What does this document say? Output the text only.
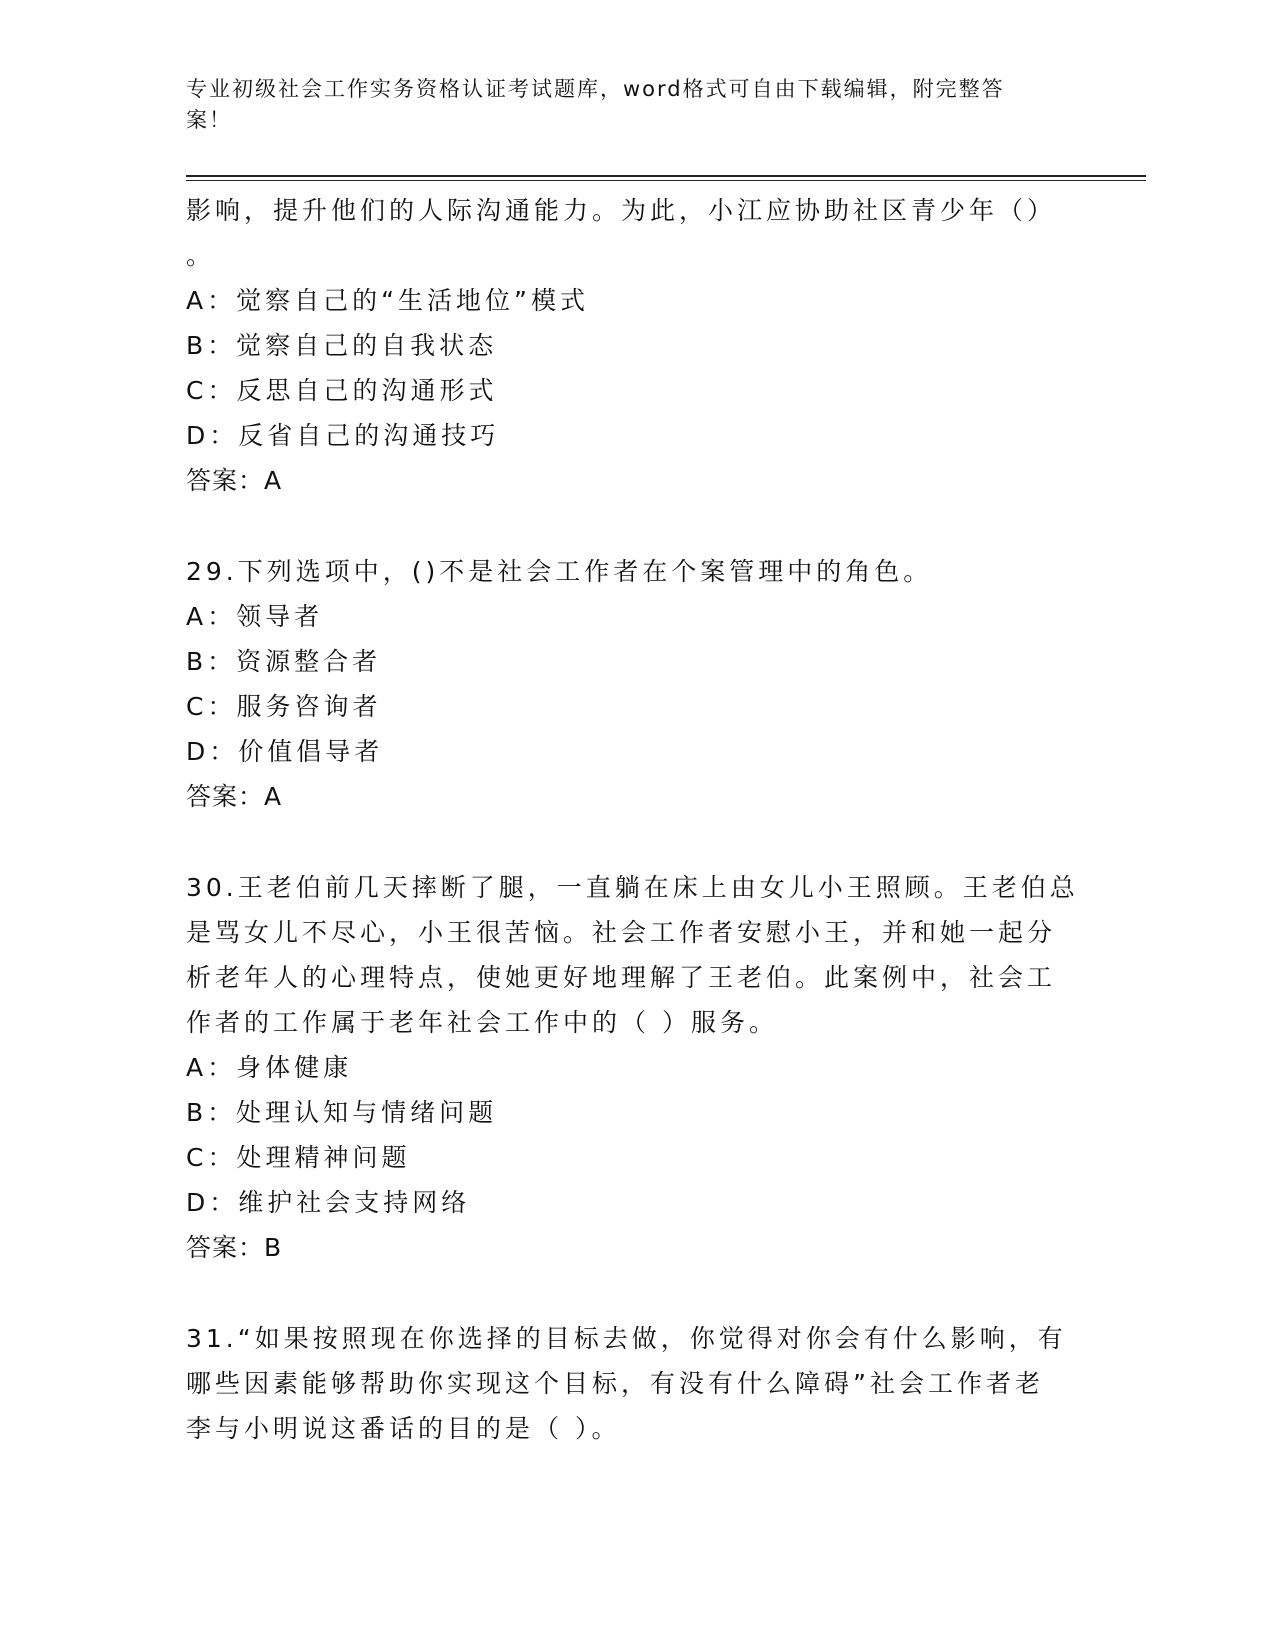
专业初级社会工作实务资格认证考试题库，word格式可自由下载编辑，附完整答
案！
影响，提升他们的人际沟通能力。为此，小江应协助社区青少年（）
。
A：觉察自己的“生活地位”模式
B：觉察自己的自我状态
C：反思自己的沟通形式
D：反省自己的沟通技巧
答案：A
29.下列选项中，()不是社会工作者在个案管理中的角色。
A：领导者
B：资源整合者
C：服务咨询者
D：价值倡导者
答案：A
30.王老伯前几天摔断了腿，一直躺在床上由女儿小王照顾。王老伯总
是骂女儿不尽心，小王很苦恼。社会工作者安慰小王，并和她一起分
析老年人的心理特点，使她更好地理解了王老伯。此案例中，社会工
作者的工作属于老年社会工作中的（ ）服务。
A：身体健康
B：处理认知与情绪问题
C：处理精神问题
D：维护社会支持网络
答案：B
31.“如果按照现在你选择的目标去做，你觉得对你会有什么影响，有
哪些因素能够帮助你实现这个目标，有没有什么障碍”社会工作者老
李与小明说这番话的目的是（ ）。
